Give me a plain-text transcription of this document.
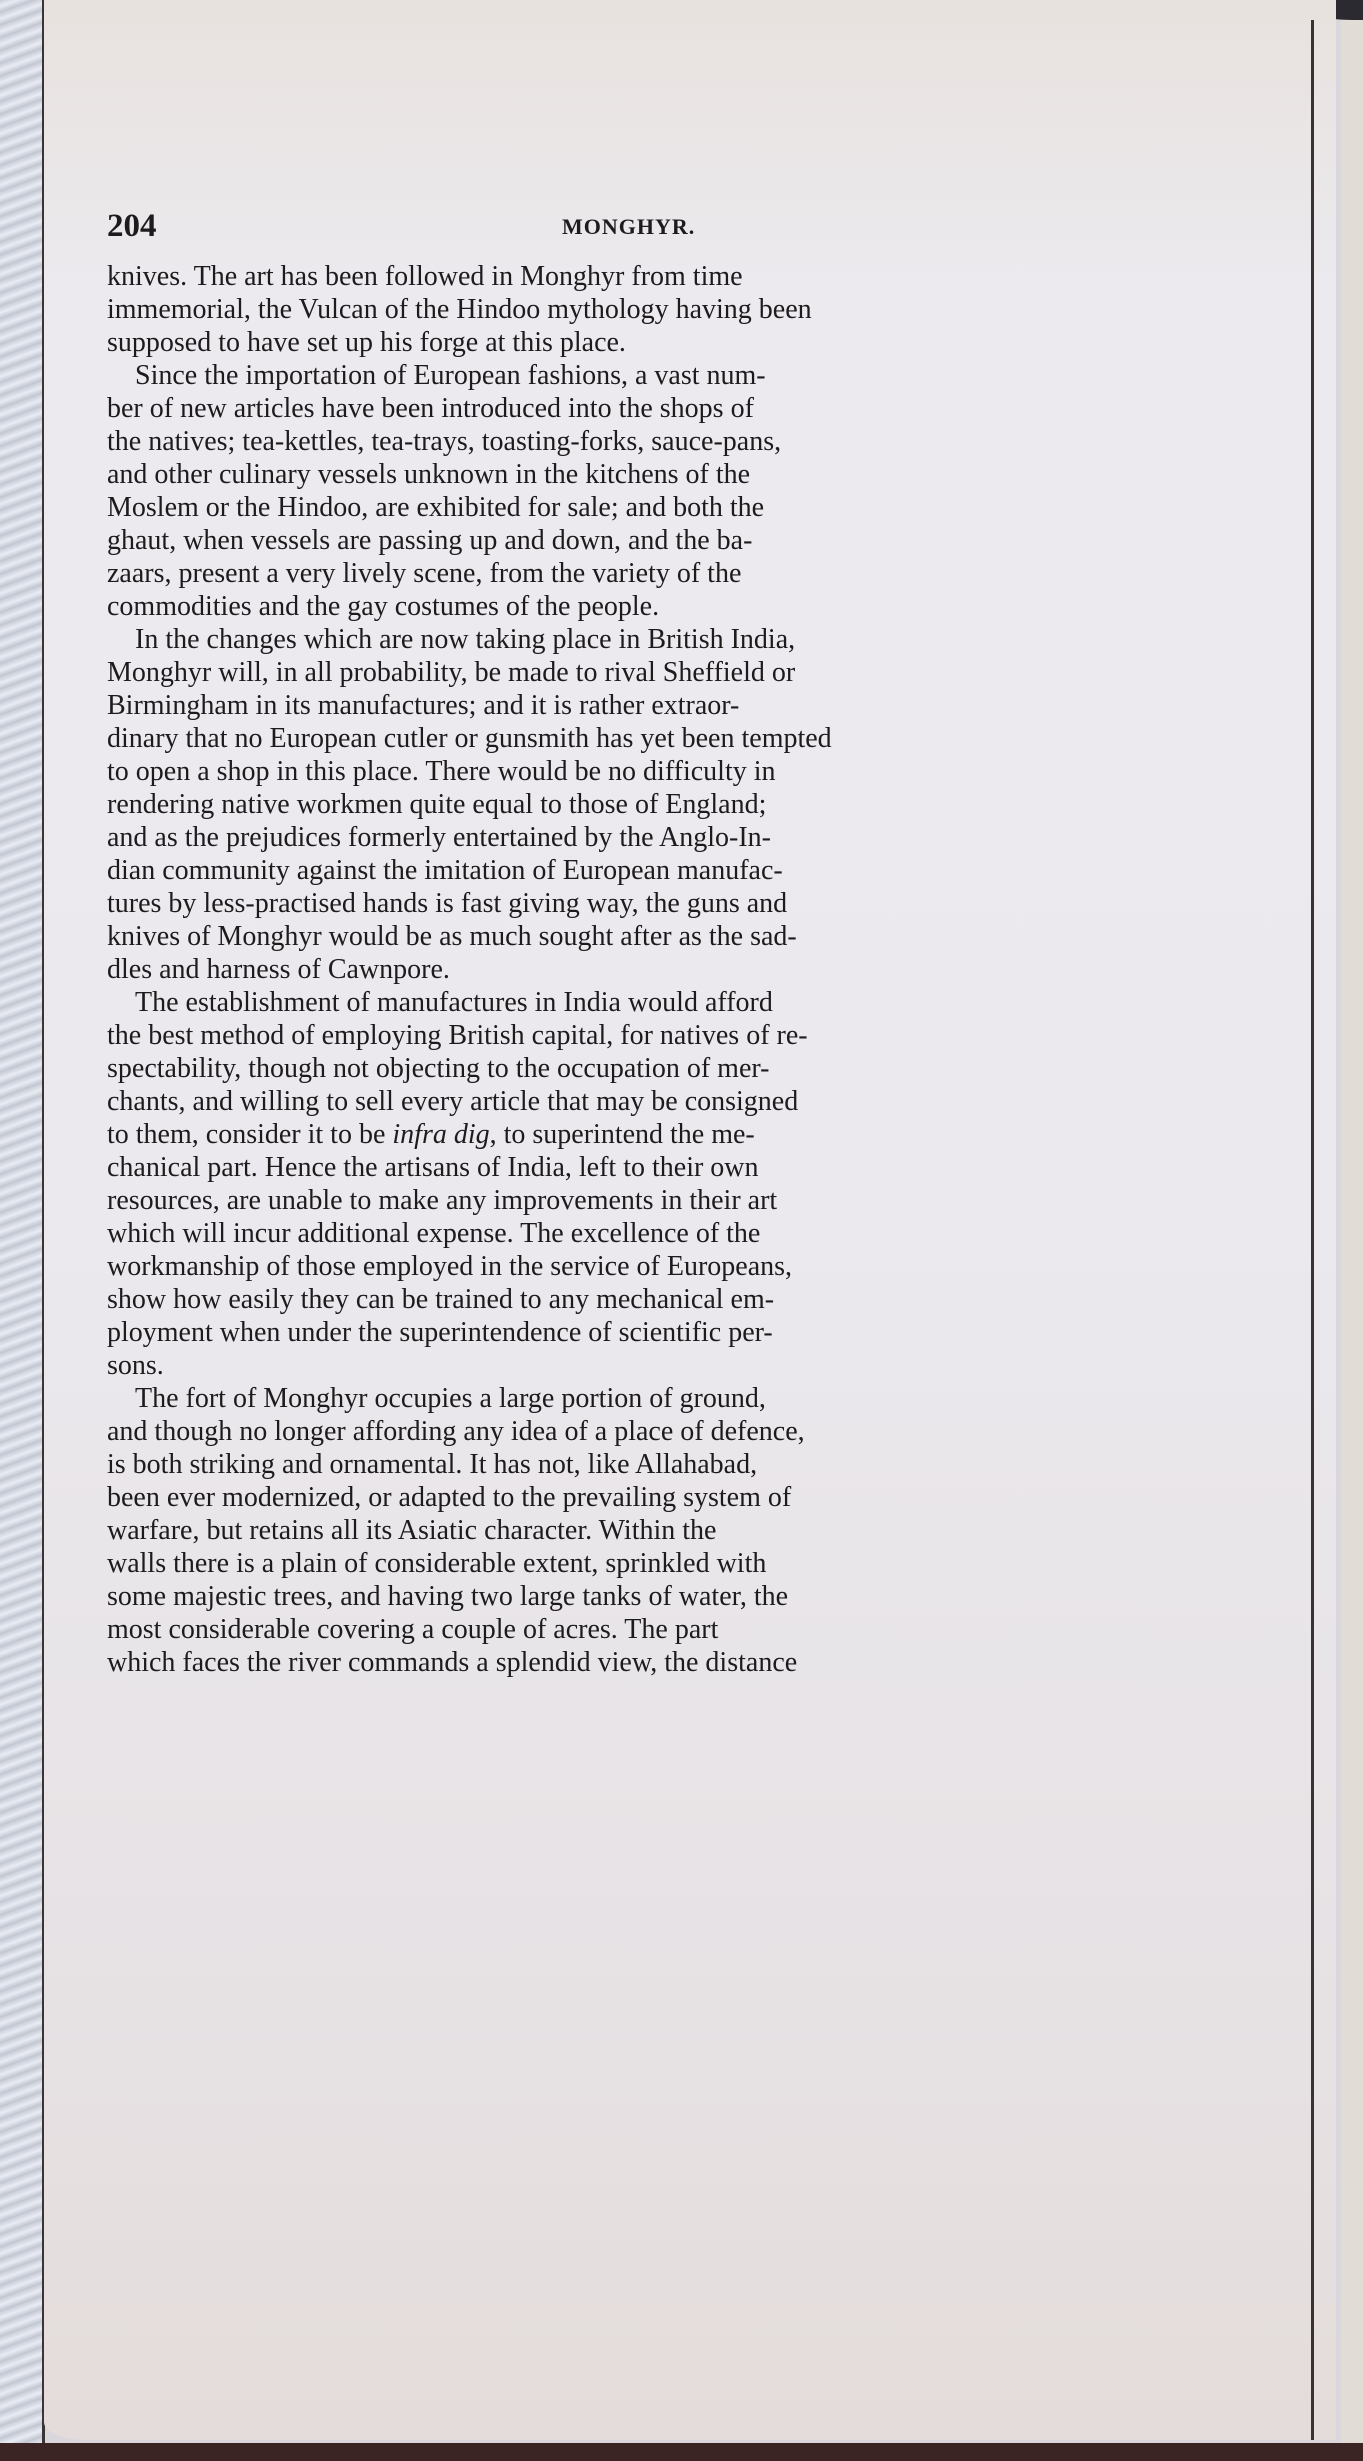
204	MONGHYR.
knives. The art has been followed in Monghyr from time
immemorial, the Vulcan of the Hindoo mythology having been
supposed to have set up his forge at this place.
Since the importation of European fashions, a vast num-
ber of new articles have been introduced into the shops of
the natives; tea-kettles, tea-trays, toasting-forks, sauce-pans,
and other culinary vessels unknown in the kitchens of the
Moslem or the Hindoo, are exhibited for sale; and both the
ghaut, when vessels are passing up and down, and the ba-
zaars, present a very lively scene, from the variety of the
commodities and the gay costumes of the people.
In the changes which are now taking place in British India,
Monghyr will, in all probability, be made to rival Sheffield or
Birmingham in its manufactures; and it is rather extraor-
dinary that no European cutler or gunsmith has yet been tempted
to open a shop in this place. There would be no difficulty in
rendering native workmen quite equal to those of England;
and as the prejudices formerly entertained by the Anglo-In-
dian community against the imitation of European manufac-
tures by less-practised hands is fast giving way, the guns and
knives of Monghyr would be as much sought after as the sad-
dles and harness of Cawnpore.
The establishment of manufactures in India would afford
the best method of employing British capital, for natives of re-
spectability, though not objecting to the occupation of mer-
chants, and willing to sell every article that may be consigned
to them, consider it to be infra dig, to superintend the me-
chanical part. Hence the artisans of India, left to their own
resources, are unable to make any improvements in their art
which will incur additional expense. The excellence of the
workmanship of those employed in the service of Europeans,
show how easily they can be trained to any mechanical em-
ployment when under the superintendence of scientific per-
sons.
The fort of Monghyr occupies a large portion of ground,
and though no longer affording any idea of a place of defence,
is both striking and ornamental. It has not, like Allahabad,
been ever modernized, or adapted to the prevailing system of
warfare, but retains all its Asiatic character. Within the
walls there is a plain of considerable extent, sprinkled with
some majestic trees, and having two large tanks of water, the
most considerable covering a couple of acres. The part
which faces the river commands a splendid view, the distance
